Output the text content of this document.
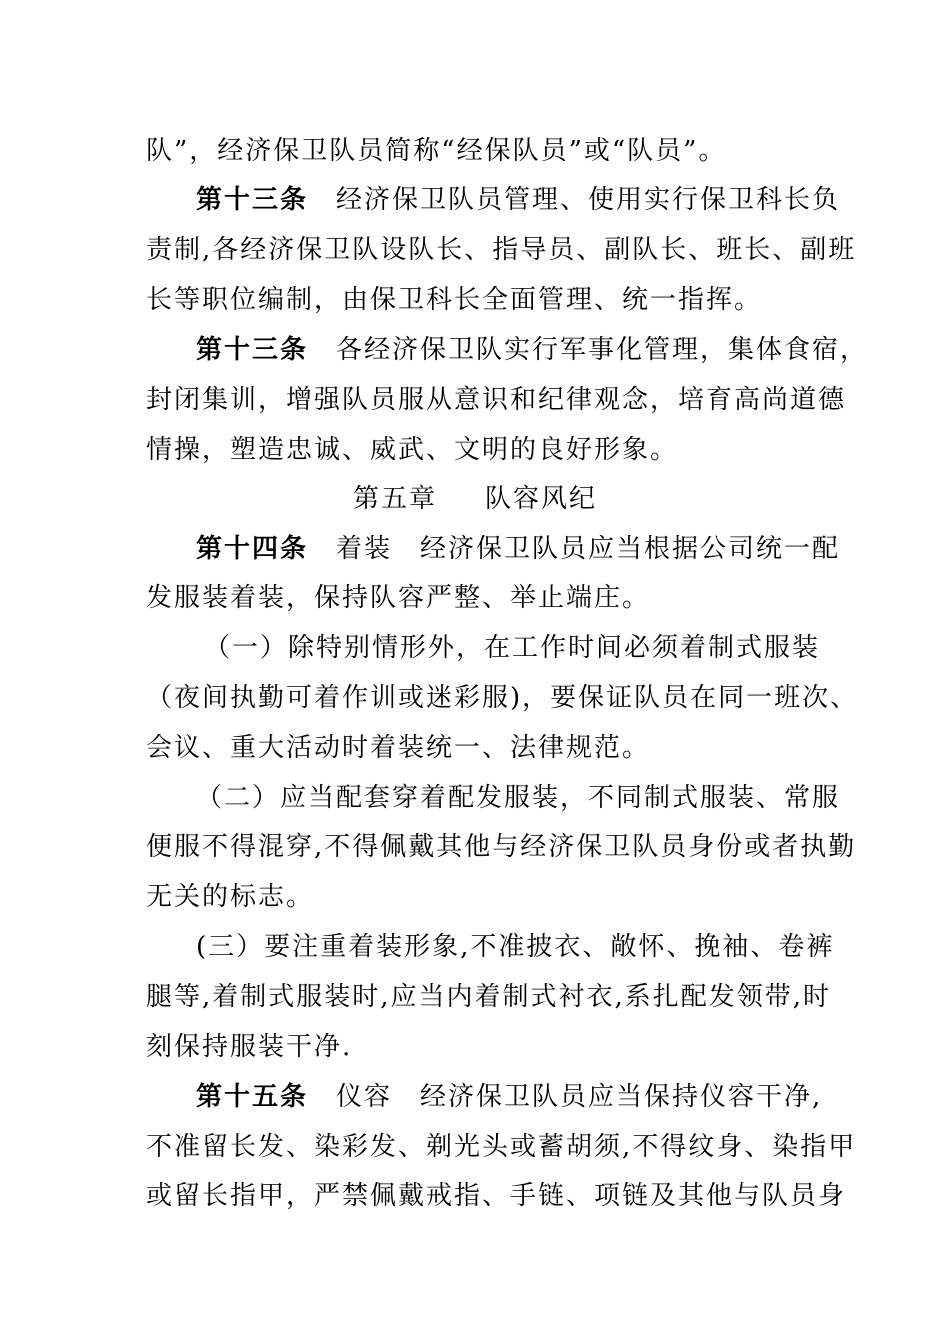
队”，经济保卫队员简称“经保队员”或“队员”。
第十三条　 经济保卫队员管理、使用实行保卫科长负
责制,各经济保卫队设队长、指导员、副队长、班长、副班
长等职位编制，由保卫科长全面管理、统一指挥。
第十三条　 各经济保卫队实行军事化管理，集体食宿，
封闭集训，增强队员服从意识和纪律观念，培育高尚道德
情操，塑造忠诚、威武、文明的良好形象。
第五章 队容风纪
第十四条　 着装　经济保卫队员应当根据公司统一配
发服装着装，保持队容严整、举止端庄。
（一）除特别情形外，在工作时间必须着制式服装
（夜间执勤可着作训或迷彩服)，要保证队员在同一班次、
会议、重大活动时着装统一、法律规范。
（二）应当配套穿着配发服装，不同制式服装、常服
便服不得混穿,不得佩戴其他与经济保卫队员身份或者执勤
无关的标志。
(三）要注重着装形象,不准披衣、敞怀、挽袖、卷裤
腿等,着制式服装时,应当内着制式衬衣,系扎配发领带,时
刻保持服装干净.
第十五条　 仪容　经济保卫队员应当保持仪容干净,
不准留长发、染彩发、剃光头或蓄胡须,不得纹身、染指甲
或留长指甲，严禁佩戴戒指、手链、项链及其他与队员身
